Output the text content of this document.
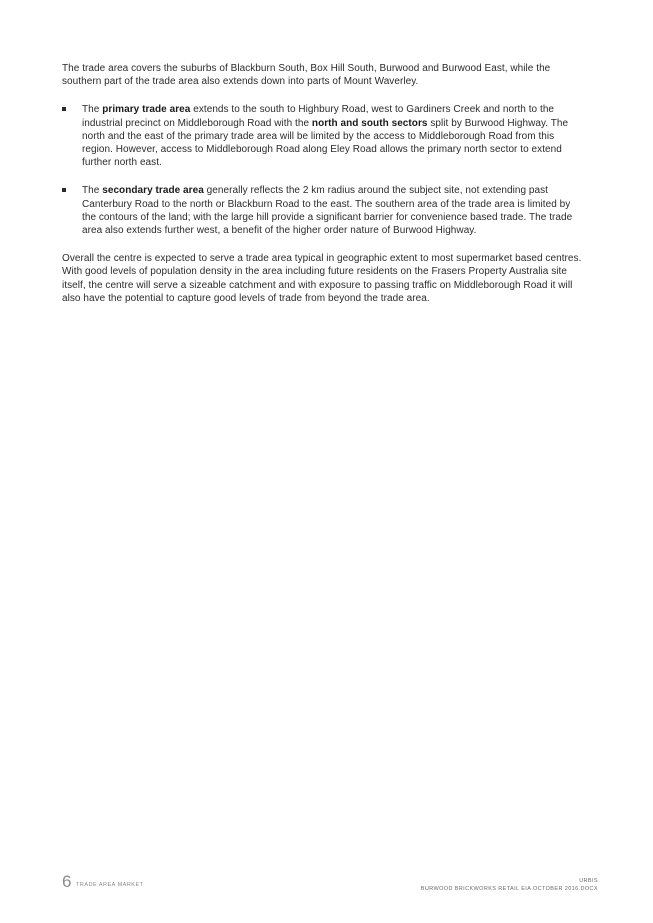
The trade area covers the suburbs of Blackburn South, Box Hill South, Burwood and Burwood East, while the southern part of the trade area also extends down into parts of Mount Waverley.

The primary trade area extends to the south to Highbury Road, west to Gardiners Creek and north to the industrial precinct on Middleborough Road with the north and south sectors split by Burwood Highway. The north and the east of the primary trade area will be limited by the access to Middleborough Road from this region. However, access to Middleborough Road along Eley Road allows the primary north sector to extend further north east.
The secondary trade area generally reflects the 2 km radius around the subject site, not extending past Canterbury Road to the north or Blackburn Road to the east. The southern area of the trade area is limited by the contours of the land; with the large hill provide a significant barrier for convenience based trade. The trade area also extends further west, a benefit of the higher order nature of Burwood Highway.

Overall the centre is expected to serve a trade area typical in geographic extent to most supermarket based centres. With good levels of population density in the area including future residents on the Frasers Property Australia site itself, the centre will serve a sizeable catchment and with exposure to passing traffic on Middleborough Road it will also have the potential to capture good levels of trade from beyond the trade area.

6 TRADE AREA MARKET
URBIS
BURWOOD BRICKWORKS RETAIL EIA OCTOBER 2016.DOCX
